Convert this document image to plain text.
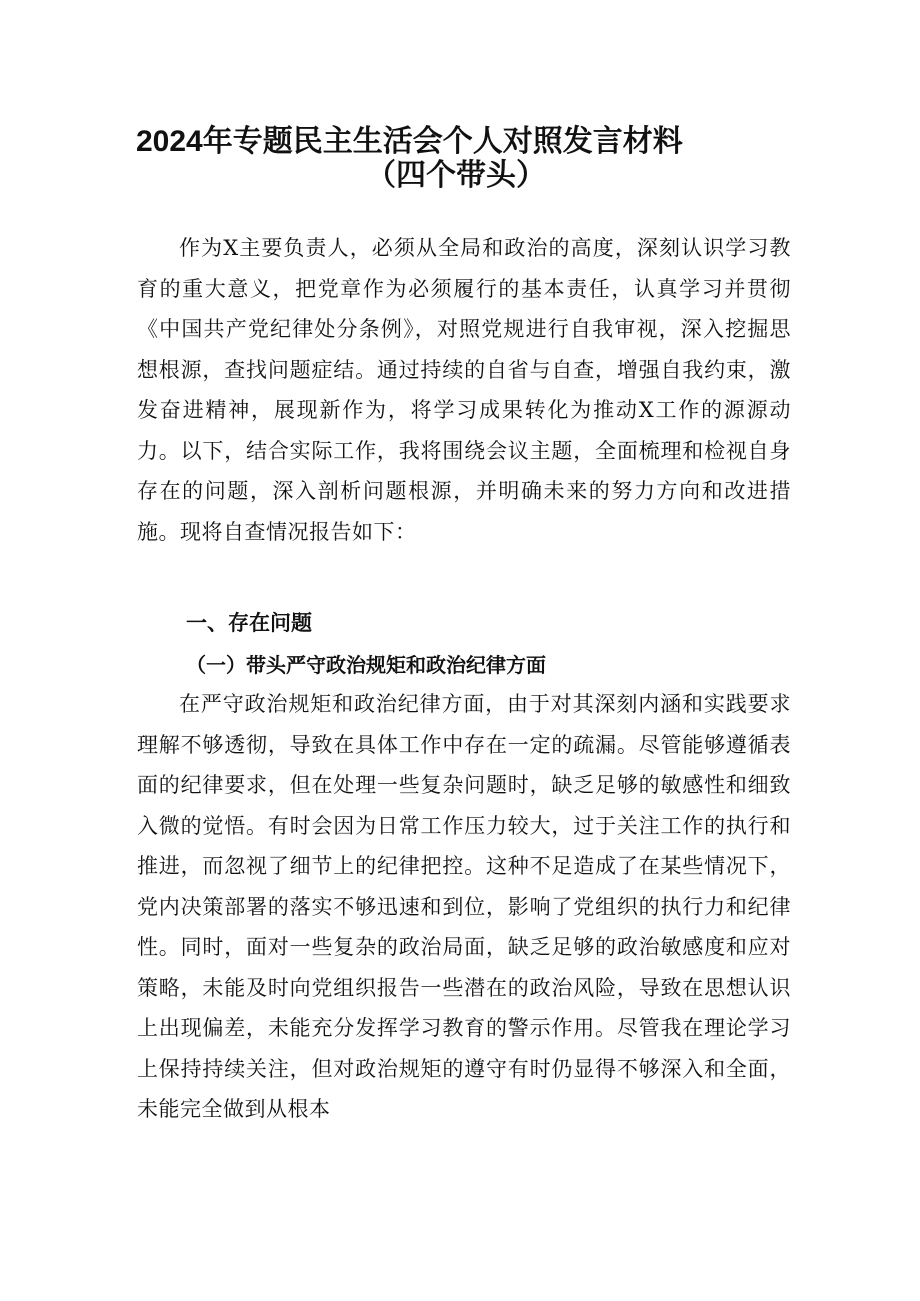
2024年专题民主生活会个人对照发言材料
（四个带头）

作为X主要负责人，必须从全局和政治的高度，深刻认识学习教育的重大意义，把党章作为必须履行的基本责任，认真学习并贯彻《中国共产党纪律处分条例》，对照党规进行自我审视，深入挖掘思想根源，查找问题症结。通过持续的自省与自查，增强自我约束，激发奋进精神，展现新作为，将学习成果转化为推动X工作的源源动力。以下，结合实际工作，我将围绕会议主题，全面梳理和检视自身存在的问题，深入剖析问题根源，并明确未来的努力方向和改进措施。现将自查情况报告如下：

一、存在问题
（一）带头严守政治规矩和政治纪律方面

在严守政治规矩和政治纪律方面，由于对其深刻内涵和实践要求理解不够透彻，导致在具体工作中存在一定的疏漏。尽管能够遵循表面的纪律要求，但在处理一些复杂问题时，缺乏足够的敏感性和细致入微的觉悟。有时会因为日常工作压力较大，过于关注工作的执行和推进，而忽视了细节上的纪律把控。这种不足造成了在某些情况下，党内决策部署的落实不够迅速和到位，影响了党组织的执行力和纪律性。同时，面对一些复杂的政治局面，缺乏足够的政治敏感度和应对策略，未能及时向党组织报告一些潜在的政治风险，导致在思想认识上出现偏差，未能充分发挥学习教育的警示作用。尽管我在理论学习上保持持续关注，但对政治规矩的遵守有时仍显得不够深入和全面，未能完全做到从根本
